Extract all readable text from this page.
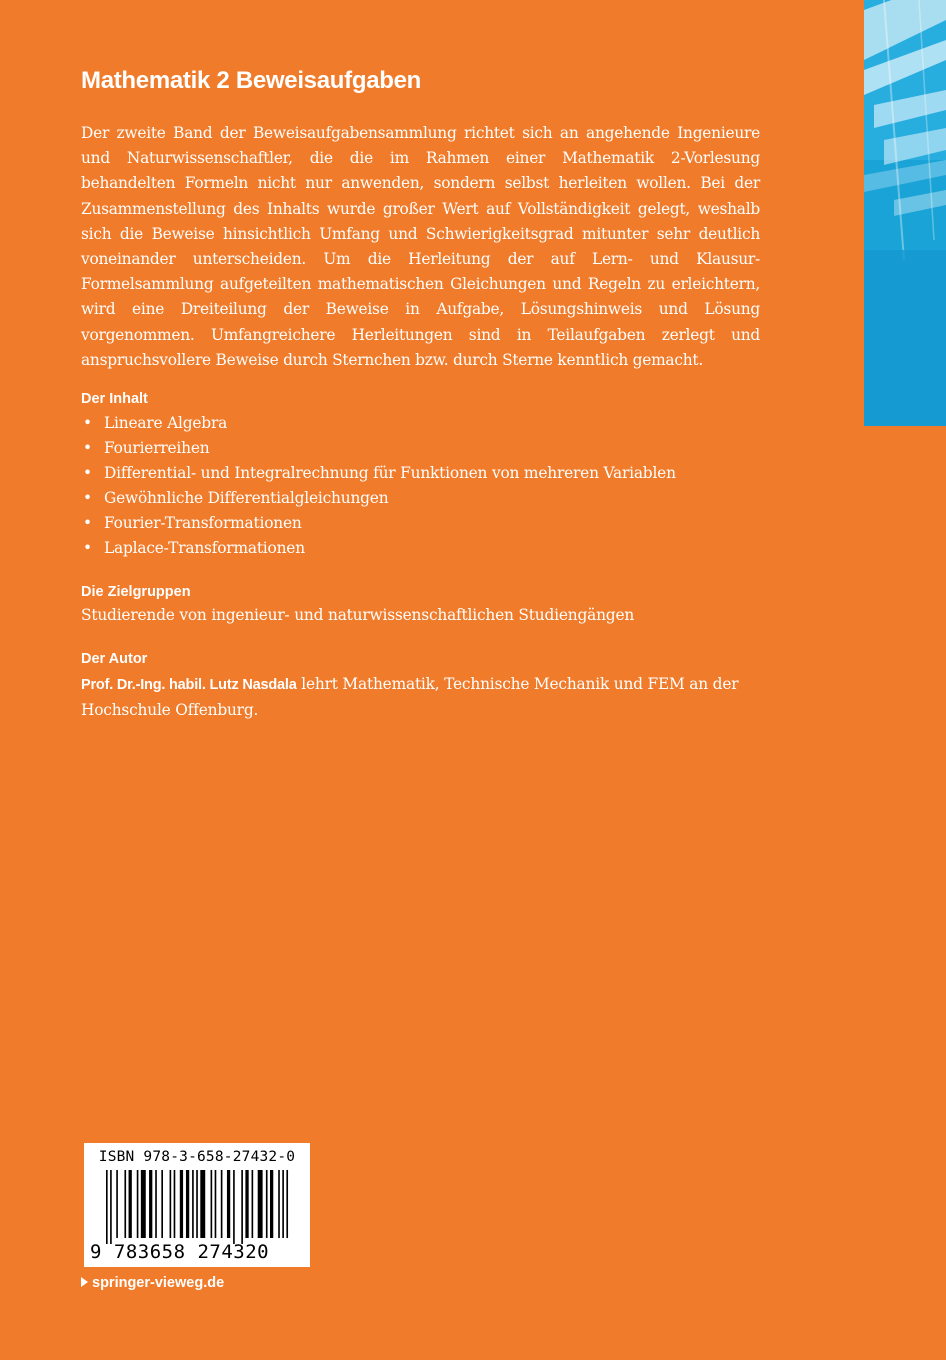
Mathematik 2 Beweisaufgaben

Der zweite Band der Beweisaufgabensammlung richtet sich an angehende Ingenieure und Naturwissenschaftler, die die im Rahmen einer Mathematik 2-Vorlesung behandelten Formeln nicht nur anwenden, sondern selbst herleiten wollen. Bei der Zusammenstellung des Inhalts wurde großer Wert auf Vollständigkeit gelegt, weshalb sich die Beweise hinsichtlich Umfang und Schwierigkeitsgrad mitunter sehr deutlich voneinander unterscheiden. Um die Herleitung der auf Lern- und Klausur-Formelsammlung aufgeteilten mathematischen Gleichungen und Regeln zu erleichtern, wird eine Dreiteilung der Beweise in Aufgabe, Lösungshinweis und Lösung vorgenommen. Umfangreichere Herleitungen sind in Teilaufgaben zerlegt und anspruchsvollere Beweise durch Sternchen bzw. durch Sterne kenntlich gemacht.

Der Inhalt
• Lineare Algebra
• Fourierreihen
• Differential- und Integralrechnung für Funktionen von mehreren Variablen
• Gewöhnliche Differentialgleichungen
• Fourier-Transformationen
• Laplace-Transformationen
Die Zielgruppen

Studierende von ingenieur- und naturwissenschaftlichen Studiengängen

Der Autor

Prof. Dr.-Ing. habil. Lutz Nasdala lehrt Mathematik, Technische Mechanik und FEM an der Hochschule Offenburg.

ISBN 978-3-658-27432-0
9 783658 274320
springer-vieweg.de
